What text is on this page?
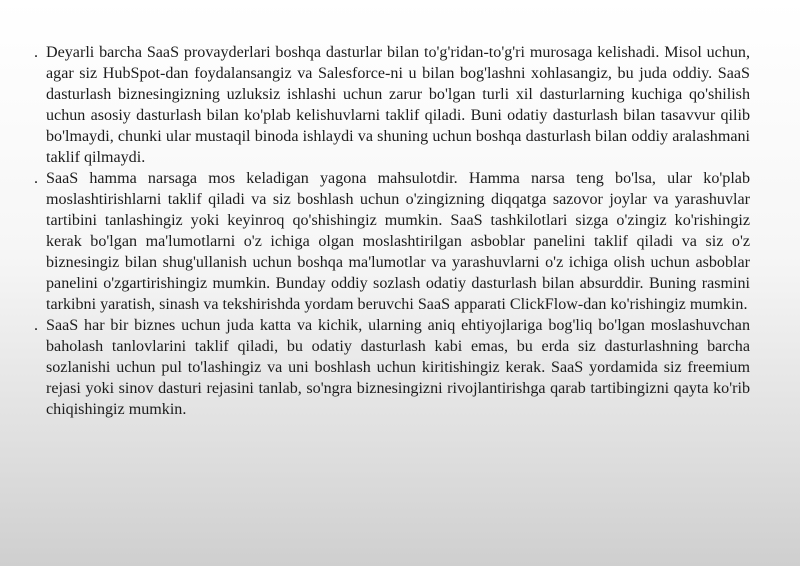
. Deyarli barcha SaaS provayderlari boshqa dasturlar bilan to'g'ridan-to'g'ri murosaga kelishadi. Misol uchun, agar siz HubSpot-dan foydalansangiz va Salesforce-ni u bilan bog'lashni xohlasangiz, bu juda oddiy. SaaS dasturlash biznesingizning uzluksiz ishlashi uchun zarur bo'lgan turli xil dasturlarning kuchiga qo'shilish uchun asosiy dasturlash bilan ko'plab kelishuvlarni taklif qiladi. Buni odatiy dasturlash bilan tasavvur qilib bo'lmaydi, chunki ular mustaqil binoda ishlaydi va shuning uchun boshqa dasturlash bilan oddiy aralashmani taklif qilmaydi.
. SaaS hamma narsaga mos keladigan yagona mahsulotdir. Hamma narsa teng bo'lsa, ular ko'plab moslashtirishlarni taklif qiladi va siz boshlash uchun o'zingizning diqqatga sazovor joylar va yarashuvlar tartibini tanlashingiz yoki keyinroq qo'shishingiz mumkin. SaaS tashkilotlari sizga o'zingiz ko'rishingiz kerak bo'lgan ma'lumotlarni o'z ichiga olgan moslashtirilgan asboblar panelini taklif qiladi va siz o'z biznesingiz bilan shug'ullanish uchun boshqa ma'lumotlar va yarashuvlarni o'z ichiga olish uchun asboblar panelini o'zgartirishingiz mumkin. Bunday oddiy sozlash odatiy dasturlash bilan absurddir. Buning rasmini tarkibni yaratish, sinash va tekshirishda yordam beruvchi SaaS apparati ClickFlow-dan ko'rishingiz mumkin.
. SaaS har bir biznes uchun juda katta va kichik, ularning aniq ehtiyojlariga bog'liq bo'lgan moslashuvchan baholash tanlovlarini taklif qiladi, bu odatiy dasturlash kabi emas, bu erda siz dasturlashning barcha sozlanishi uchun pul to'lashingiz va uni boshlash uchun kiritishingiz kerak. SaaS yordamida siz freemium rejasi yoki sinov dasturi rejasini tanlab, so'ngra biznesingizni rivojlantirishga qarab tartibingizni qayta ko'rib chiqishingiz mumkin.
